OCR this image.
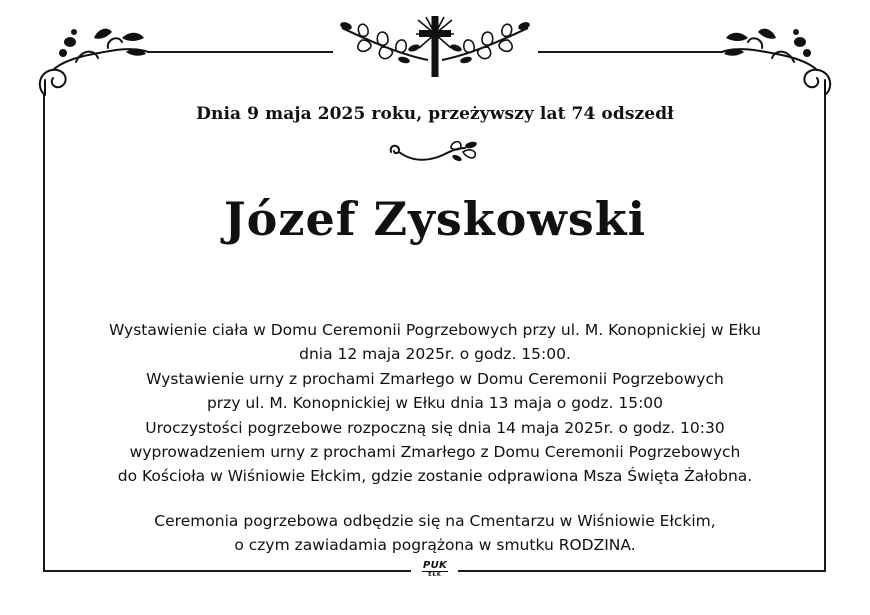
Dnia 9 maja 2025 roku, przeżywszy lat 74 odszedł
Józef Zyskowski
Wystawienie ciała w Domu Ceremonii Pogrzebowych przy ul. M. Konopnickiej w Ełku
dnia 12 maja 2025r. o godz. 15:00.
Wystawienie urny z prochami Zmarłego w Domu Ceremonii Pogrzebowych
przy ul. M. Konopnickiej w Ełku dnia 13 maja o godz. 15:00
Uroczystości pogrzebowe rozpoczną się dnia 14 maja 2025r. o godz. 10:30
wyprowadzeniem urny z prochami Zmarłego z Domu Ceremonii Pogrzebowych
do Kościoła w Wiśniowie Ełckim, gdzie zostanie odprawiona Msza Święta Żałobna.
Ceremonia pogrzebowa odbędzie się na Cmentarzu w Wiśniowie Ełckim,
o czym zawiadamia pogrążona w smutku RODZINA.
PUK
EŁK
